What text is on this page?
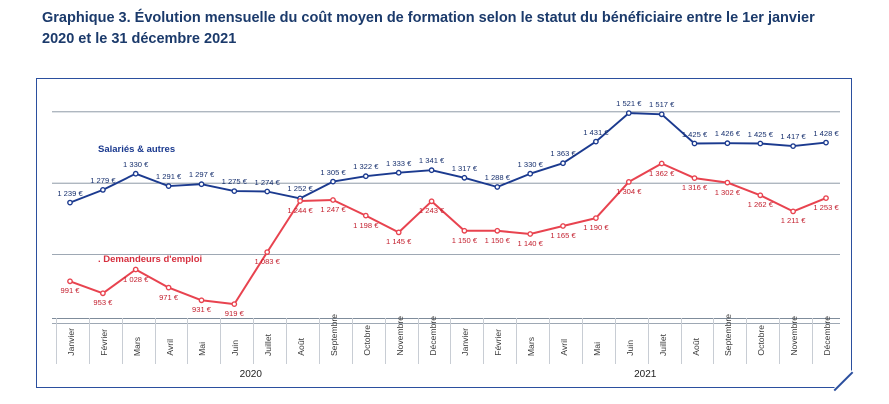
Graphique 3. Évolution mensuelle du coût moyen de formation selon le statut du bénéficiaire entre le 1er janvier 2020 et le 31 décembre 2021
1 239 €
1 279 €
1 330 €
1 291 € 1 297 €
1 275 € 1 274 €
1 252 €
1 305 €
1 322 € 1 333 € 1 341 €
1 317 €
1 288 €
1 330 €
1 363 €
1 431 €
1 521 € 1 517 €
1 425 € 1 426 € 1 425 € 1 417 € 1 428 €
991 €
953 €
1 028 €
971 €
931 € 919 €
1 083 €
1 244 € 1 247 €
1 198 €
1 145 €
1 243 €
1 150 € 1 150 € 1 140 €
1 165 €
1 190 €
1 304 €
1 362 €
1 316 € 1 302 €
1 262 €
1 211 €
1 253 €
Salariés & autres
. Demandeurs d'emploi
Janvier	Février	Mars	Avril	Mai	Juin	Juillet	Août	Septembre	Octobre	Novembre	Décembre	Janvier	Février	Mars	Avril	Mai	Juin	Juillet	Août	Septembre	Octobre	Novembre	Décembre
2020	2021
